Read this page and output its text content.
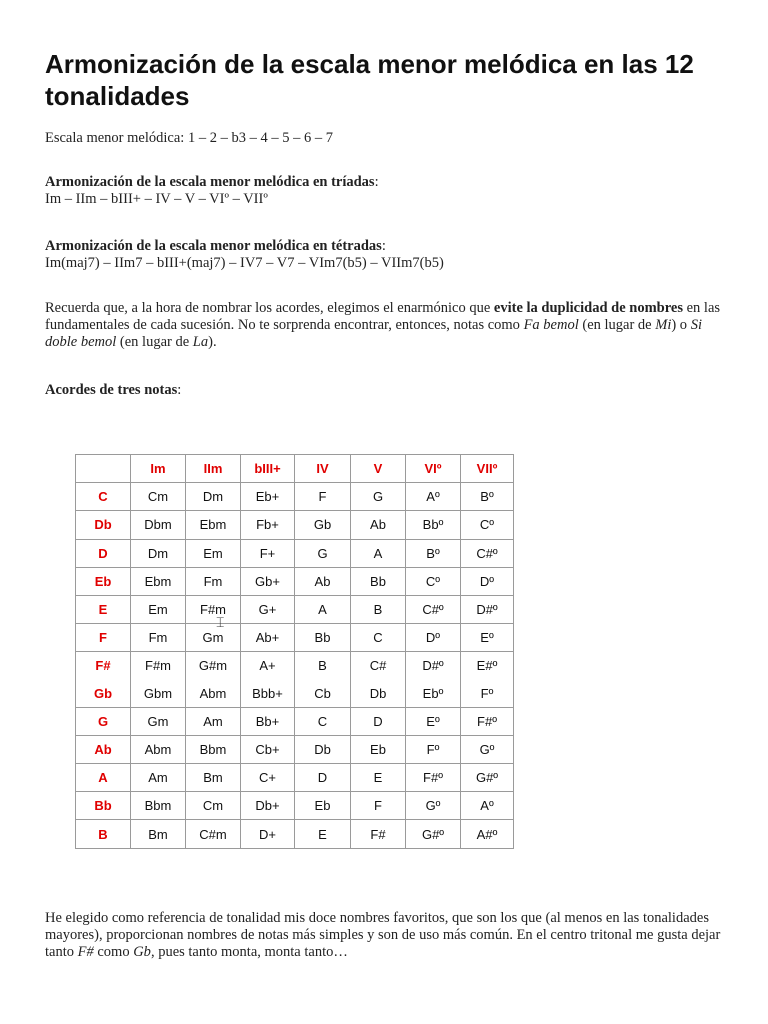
Armonización de la escala menor melódica en las 12 tonalidades
Escala menor melódica: 1 – 2 – b3 – 4 – 5 – 6 – 7
Armonización de la escala menor melódica en tríadas:
Im – IIm – bIII+ – IV – V – VIº – VIIº
Armonización de la escala menor melódica en tétradas:
Im(maj7) – IIm7 – bIII+(maj7) – IV7 – V7 – VIm7(b5) – VIIm7(b5)
Recuerda que, a la hora de nombrar los acordes, elegimos el enarmónico que evite la duplicidad de nombres en las fundamentales de cada sucesión. No te sorprenda encontrar, entonces, notas como Fa bemol (en lugar de Mi) o Si doble bemol (en lugar de La).
Acordes de tres notas:
	Im	IIm	bIII+	IV	V	VIº	VIIº
C	Cm	Dm	Eb+	F	G	Aº	Bº
Db	Dbm	Ebm	Fb+	Gb	Ab	Bbº	Cº
D	Dm	Em	F+	G	A	Bº	C#º
Eb	Ebm	Fm	Gb+	Ab	Bb	Cº	Dº
E	Em	F#m	G+	A	B	C#º	D#º
F	Fm	Gm	Ab+	Bb	C	Dº	Eº
F#	F#m	G#m	A+	B	C#	D#º	E#º
Gb	Gbm	Abm	Bbb+	Cb	Db	Ebº	Fº
G	Gm	Am	Bb+	C	D	Eº	F#º
Ab	Abm	Bbm	Cb+	Db	Eb	Fº	Gº
A	Am	Bm	C+	D	E	F#º	G#º
Bb	Bbm	Cm	Db+	Eb	F	Gº	Aº
B	Bm	C#m	D+	E	F#	G#º	A#º
⌶
He elegido como referencia de tonalidad mis doce nombres favoritos, que son los que (al menos en las tonalidades mayores), proporcionan nombres de notas más simples y son de uso más común. En el centro tritonal me gusta dejar tanto F# como Gb, pues tanto monta, monta tanto…
